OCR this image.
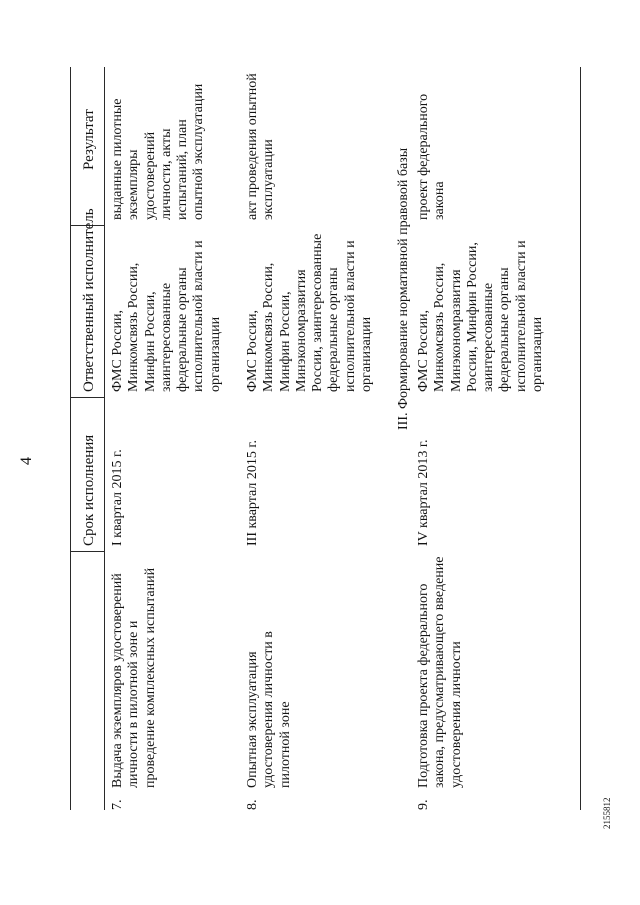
4
2155812
Срок исполнения
Ответственный исполнитель
Результат
7.
Выдача экземпляров удостоверений личности в пилотной зоне и проведение комплексных испытаний
I квартал 2015 г.
ФМС России, Минкомсвязь России, Минфин России, заинтересованные федеральные органы исполнительной власти и организации
выданные пилотные экземпляры удостоверений личности, акты испытаний, план опытной эксплуатации
8.
Опытная эксплуатация удостоверения личности в пилотной зоне
III квартал 2015 г.
ФМС России, Минкомсвязь России, Минфин России, Минэкономразвития России, заинтересованные федеральные органы исполнительной власти и организации
акт проведения опытной эксплуатации	III. Формирование нормативной правовой базы
9.
Подготовка проекта федерального закона, предусматривающего введение удостоверения личности
IV квартал 2013 г.
ФМС России, Минкомсвязь России, Минэкономразвития России, Минфин России, заинтересованные федеральные органы исполнительной власти и организации
проект федерального закона
